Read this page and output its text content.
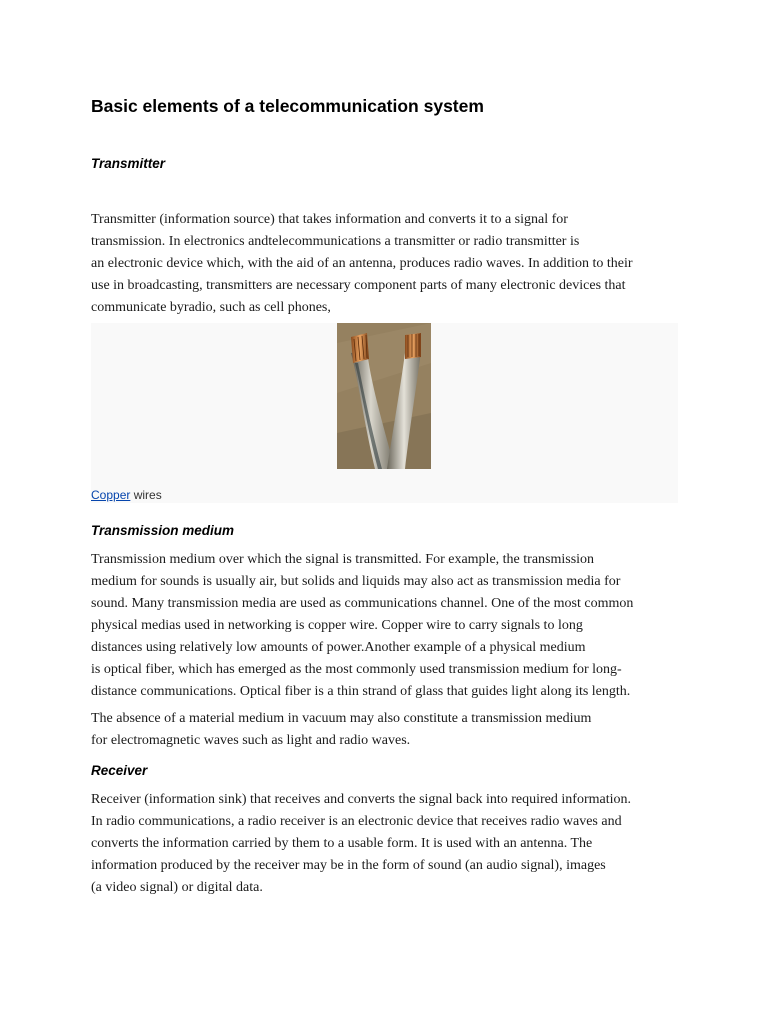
Basic elements of a telecommunication system
Transmitter

Transmitter (information source) that takes information and converts it to a signal for
transmission. In electronics andtelecommunications a transmitter or radio transmitter is
an electronic device which, with the aid of an antenna, produces radio waves. In addition to their
use in broadcasting, transmitters are necessary component parts of many electronic devices that
communicate byradio, such as cell phones,

Copper wires
Transmission medium

Transmission medium over which the signal is transmitted. For example, the transmission
medium for sounds is usually air, but solids and liquids may also act as transmission media for
sound. Many transmission media are used as communications channel. One of the most common
physical medias used in networking is copper wire. Copper wire to carry signals to long
distances using relatively low amounts of power.Another example of a physical medium
is optical fiber, which has emerged as the most commonly used transmission medium for long-
distance communications. Optical fiber is a thin strand of glass that guides light along its length.

The absence of a material medium in vacuum may also constitute a transmission medium
for electromagnetic waves such as light and radio waves.

Receiver

Receiver (information sink) that receives and converts the signal back into required information.
In radio communications, a radio receiver is an electronic device that receives radio waves and
converts the information carried by them to a usable form. It is used with an antenna. The
information produced by the receiver may be in the form of sound (an audio signal), images
(a video signal) or digital data.
